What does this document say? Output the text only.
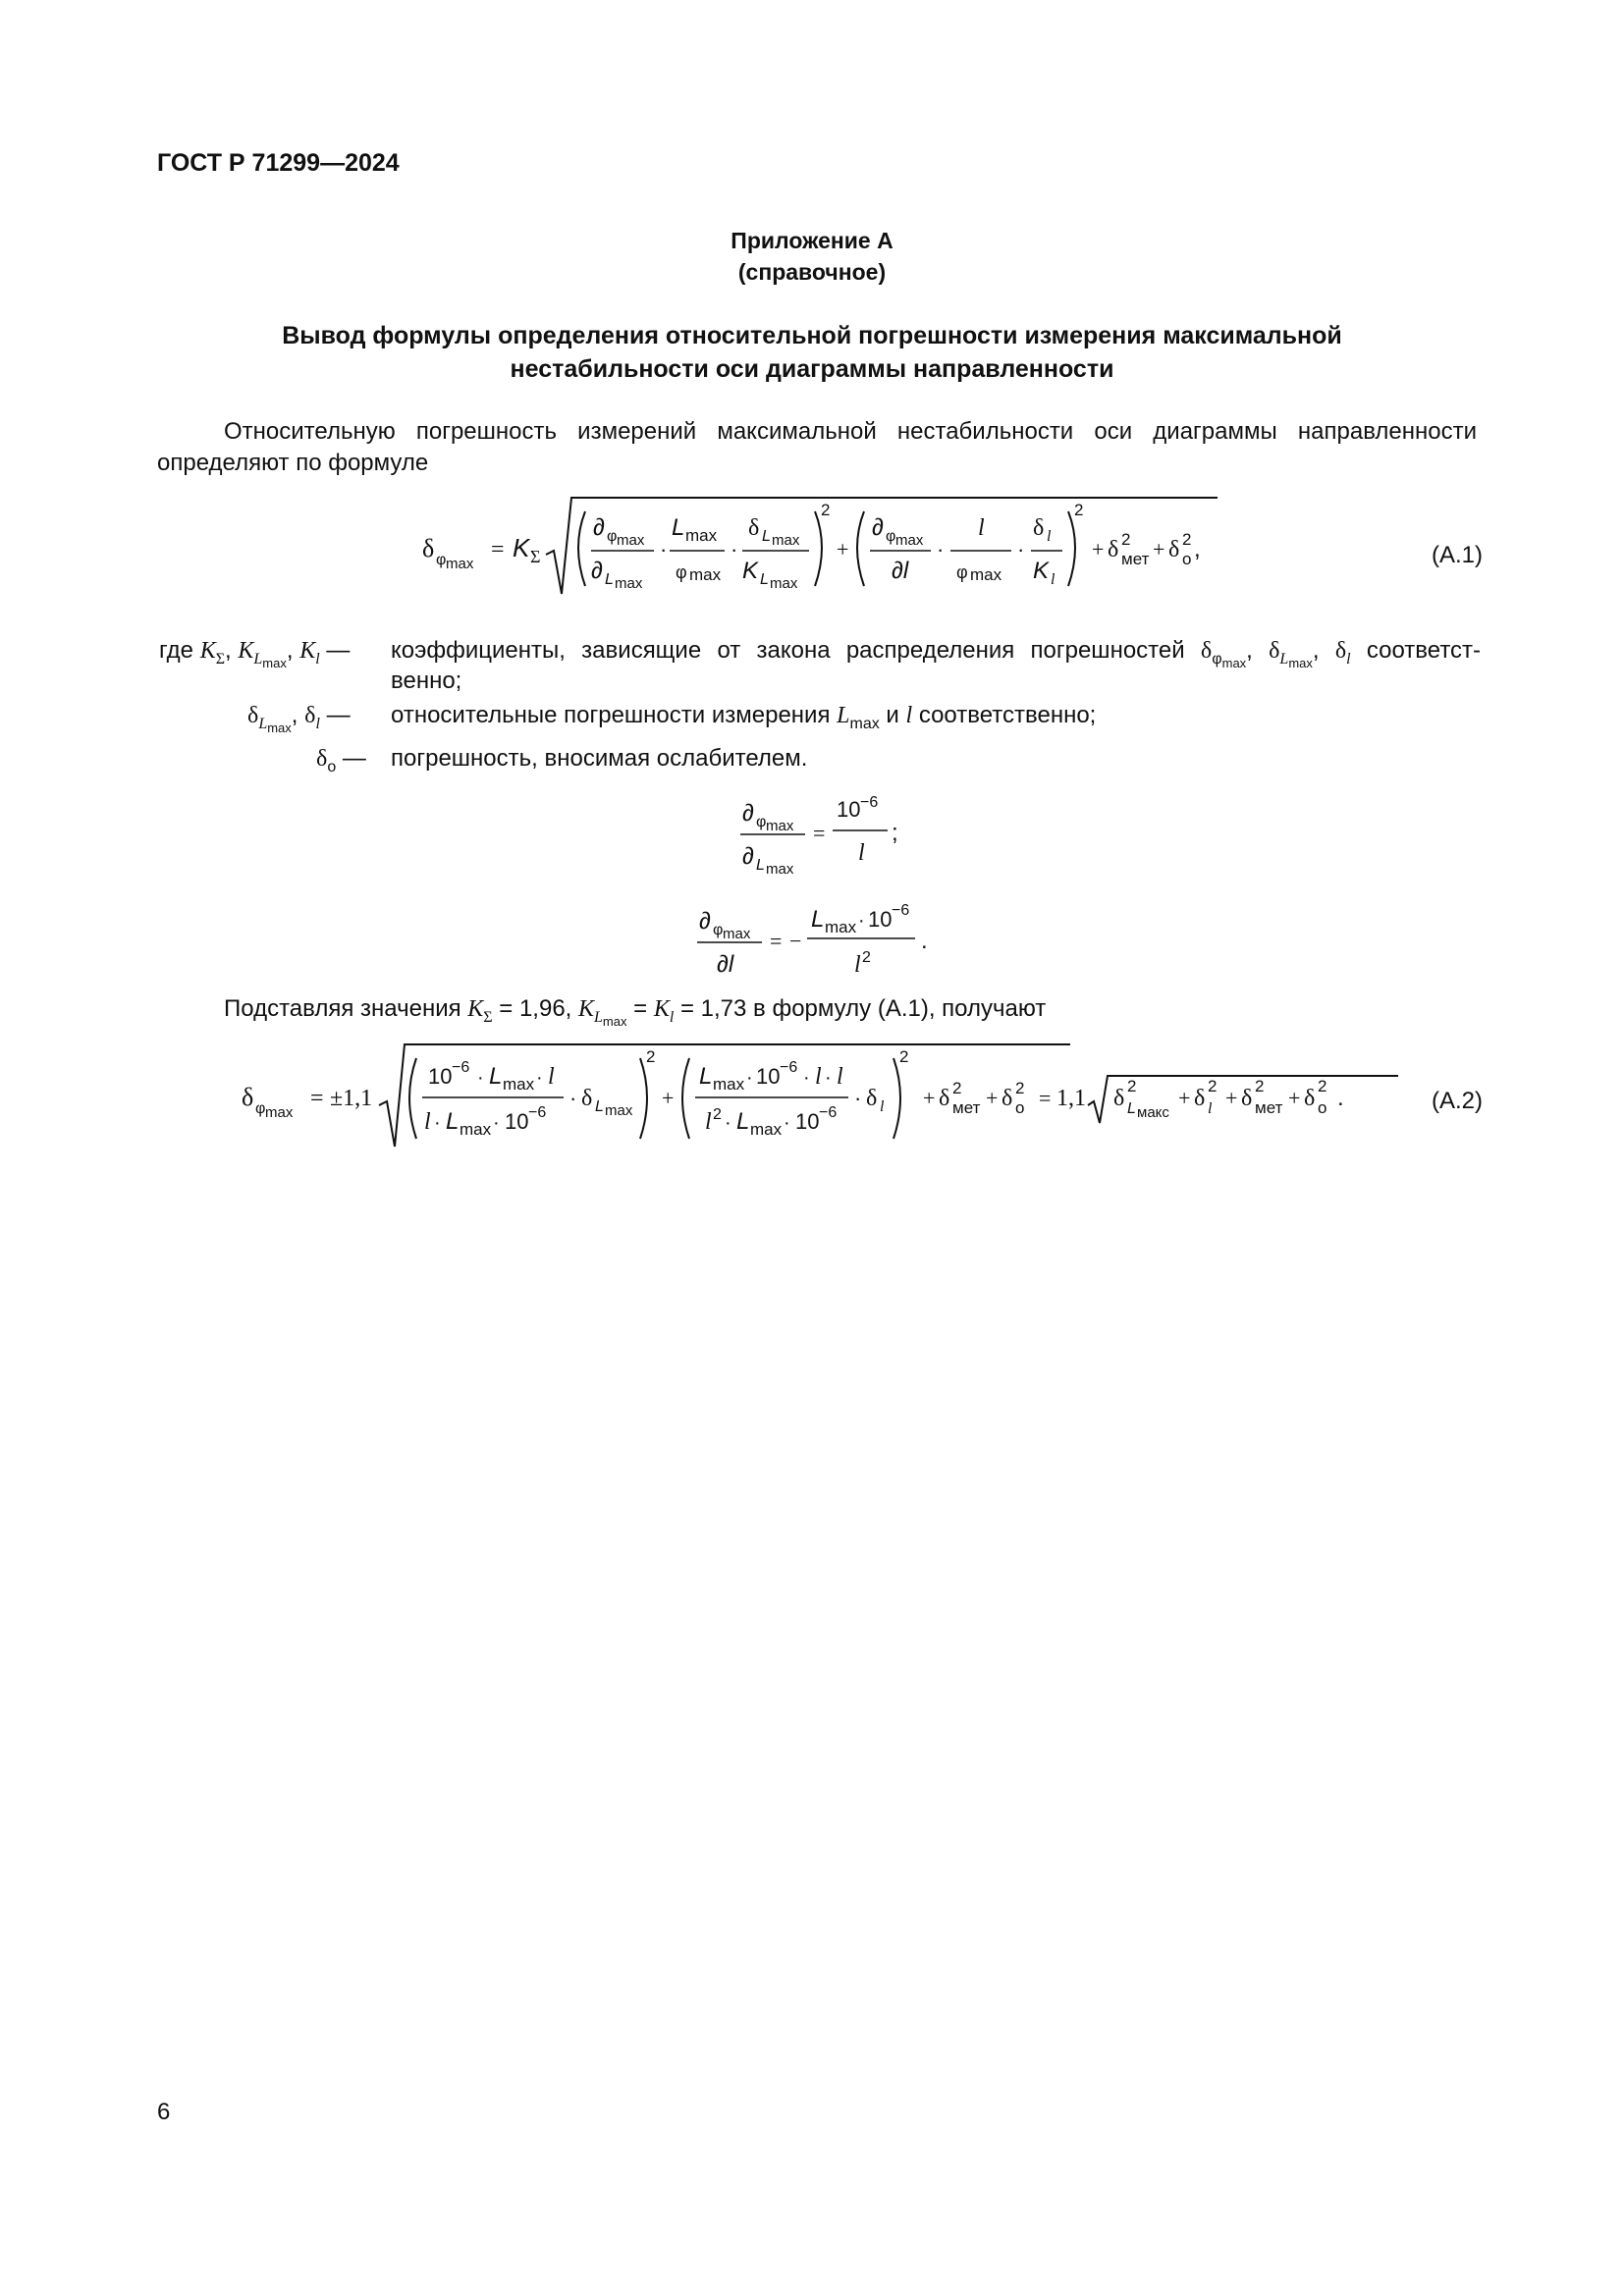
ГОСТ Р 71299—2024
Приложение А
(справочное)
Вывод формулы определения относительной погрешности измерения максимальной
нестабильности оси диаграммы направленности
Относительную погрешность измерений максимальной нестабильности оси диаграммы направленности определяют по формуле
δ φ max
= K Σ
∂ φ max
∂ L max
·
L max
φ max
·
δ L max
K L max
2
+
∂ φ max
∂l
·
l
φ max
·
δ l
K l
2
+ δ 2
мет + δ 2
о ,	(А.1)
где $K_\Sigma$, $K_{L_{max}}$, $K_l$ —	коэффициенты, зависящие от закона распределения погрешностей $\delta_{\varphi_{max}}$, $\delta_{L_{max}}$, $\delta_l$ соответст-
венно;
$\delta_{L_{max}}$, $\delta_l$ — относительные погрешности измерения $L_{max}$ и l соответственно;
$\delta_о$ — погрешность, вносимая ослабителем.
∂ φ max
∂ L max
=
10 −6
l
;
∂ φ max
∂l
= −
L max · 10 −6
l 2
.
Подставляя значения $K_\Sigma = 1,96$, $K_{L_{max}} = K_l = 1,73$ в формулу (А.1), получают
δ φ max
= ±1,1
10 −6 · L max · l
l · L max · 10 −6
· δ L max
2
+
L max · 10 −6 · l · l
l 2 · L max · 10 −6
· δ l
2
+ δ 2
мет + δ 2
о = 1,1 δ 2
L макс
+ δ 2
l + δ 2
мет + δ 2
о .	(А.2)
6
